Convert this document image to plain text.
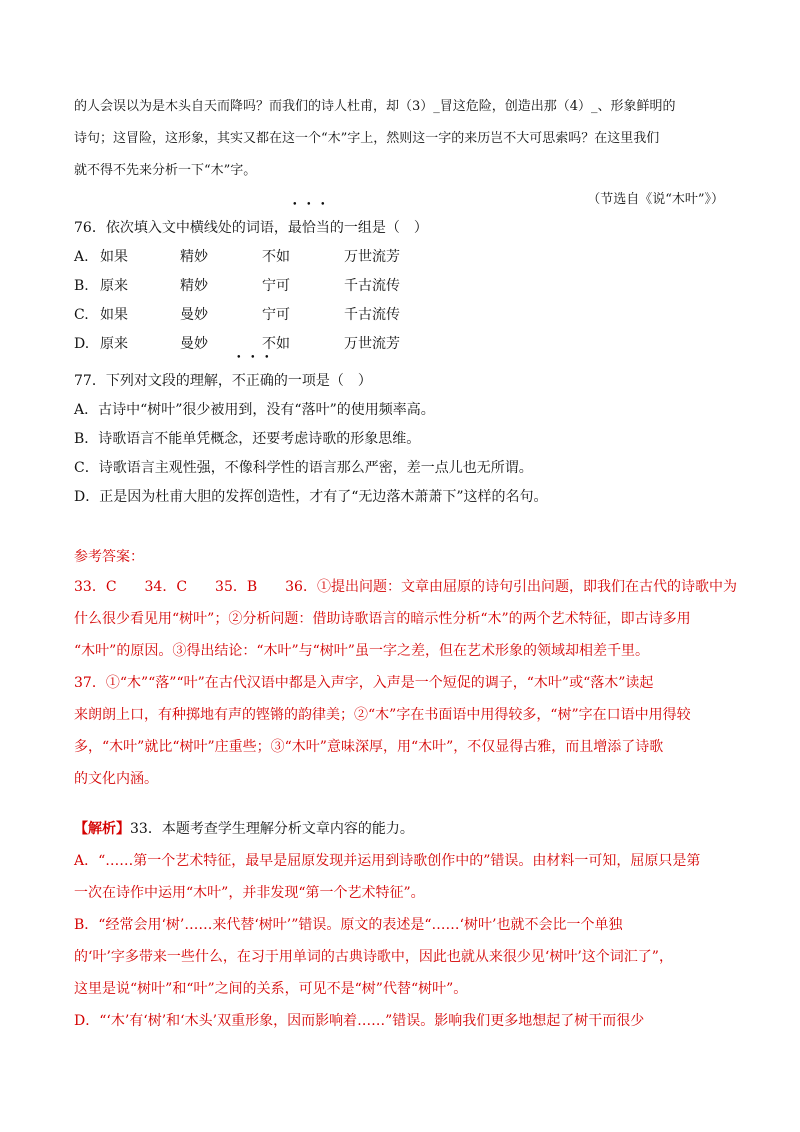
的人会误以为是木头自天而降吗？而我们的诗人杜甫，却（3）_冒这危险，创造出那（4）_、形象鲜明的

诗句；这冒险，这形象，其实又都在这一个“木”字上，然则这一字的来历岂不大可思索吗？在这里我们

就不得不先来分析一下“木”字。

（节选自《说“木叶”》）
76．依次填入文中横线处的词语，最恰当的一组是（　）
A. 如果	精妙	不如	万世流芳
B. 原来	精妙	宁可	千古流传
C. 如果	曼妙	宁可	千古流传
D. 原来	曼妙	不如	万世流芳
77．下列对文段的理解，不正确的一项是（　）
A．古诗中“树叶”很少被用到，没有“落叶”的使用频率高。
B．诗歌语言不能单凭概念，还要考虑诗歌的形象思维。
C．诗歌语言主观性强，不像科学性的语言那么严密，差一点儿也无所谓。
D．正是因为杜甫大胆的发挥创造性，才有了“无边落木萧萧下”这样的名句。
参考答案：

33．C　　34．C　　35．B　　36．①提出问题：文章由屈原的诗句引出问题，即我们在古代的诗歌中为

什么很少看见用“树叶”；②分析问题：借助诗歌语言的暗示性分析“木”的两个艺术特征，即古诗多用

“木叶”的原因。③得出结论：“木叶”与“树叶”虽一字之差，但在艺术形象的领域却相差千里。

37．①“木”“落”“叶”在古代汉语中都是入声字，入声是一个短促的调子，“木叶”或“落木”读起

来朗朗上口，有种掷地有声的铿锵的韵律美；②“木”字在书面语中用得较多，“树”字在口语中用得较

多，“木叶”就比“树叶”庄重些；③“木叶”意味深厚，用“木叶”，不仅显得古雅，而且增添了诗歌

的文化内涵。

【解析】33．本题考查学生理解分析文章内容的能力。

A．“……第一个艺术特征，最早是屈原发现并运用到诗歌创作中的”错误。由材料一可知，屈原只是第

一次在诗作中运用“木叶”，并非发现“第一个艺术特征”。

B．“经常会用‘树’……来代替‘树叶’”错误。原文的表述是“……‘树叶’也就不会比一个单独

的‘叶’字多带来一些什么，在习于用单词的古典诗歌中，因此也就从来很少见‘树叶’这个词汇了”，

这里是说“树叶”和“叶”之间的关系，可见不是“树”代替“树叶”。

D．“‘木’有‘树’和‘木头’双重形象，因而影响着……”错误。影响我们更多地想起了树干而很少
